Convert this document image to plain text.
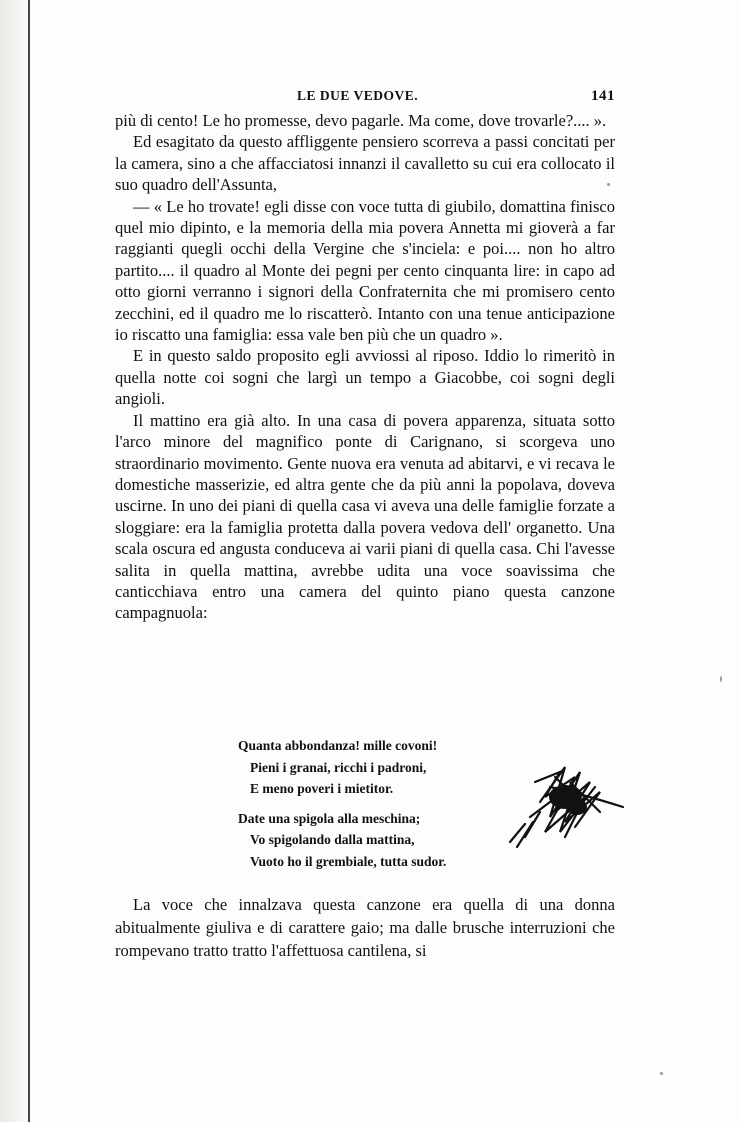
LE DUE VEDOVE.	141

più di cento! Le ho promesse, devo pagarle. Ma come, dove trovarle?.... ».

Ed esagitato da questo affliggente pensiero scorreva a passi concitati per la camera, sino a che affacciatosi innanzi il cavalletto su cui era collocato il suo quadro dell'Assunta,

— « Le ho trovate! egli disse con voce tutta di giubilo, domattina finisco quel mio dipinto, e la memoria della mia povera Annetta mi gioverà a far raggianti quegli occhi della Vergine che s'inciela: e poi.... non ho altro partito.... il quadro al Monte dei pegni per cento cinquanta lire: in capo ad otto giorni verranno i signori della Confraternita che mi promisero cento zecchini, ed il quadro me lo riscatterò. Intanto con una tenue anticipazione io riscatto una famiglia: essa vale ben più che un quadro ».

E in questo saldo proposito egli avviossi al riposo. Iddio lo rimeritò in quella notte coi sogni che largì un tempo a Giacobbe, coi sogni degli angioli.

Il mattino era già alto. In una casa di povera apparenza, situata sotto l'arco minore del magnifico ponte di Carignano, si scorgeva uno straordinario movimento. Gente nuova era venuta ad abitarvi, e vi recava le domestiche masserizie, ed altra gente che da più anni la popolava, doveva uscirne. In uno dei piani di quella casa vi aveva una delle famiglie forzate a sloggiare: era la famiglia protetta dalla povera vedova dell' organetto. Una scala oscura ed angusta conduceva ai varii piani di quella casa. Chi l'avesse salita in quella mattina, avrebbe udita una voce soavissima che canticchiava entro una camera del quinto piano questa canzone campagnuola:

Quanta abbondanza! mille covoni!
Pieni i granai, ricchi i padroni,
E meno poveri i mietitor.
Date una spigola alla meschina;
Vo spigolando dalla mattina,
Vuoto ho il grembiale, tutta sudor.

La voce che innalzava questa canzone era quella di una donna abitualmente giuliva e di carattere gaio; ma dalle brusche interruzioni che rompevano tratto tratto l'affettuosa cantilena, si
